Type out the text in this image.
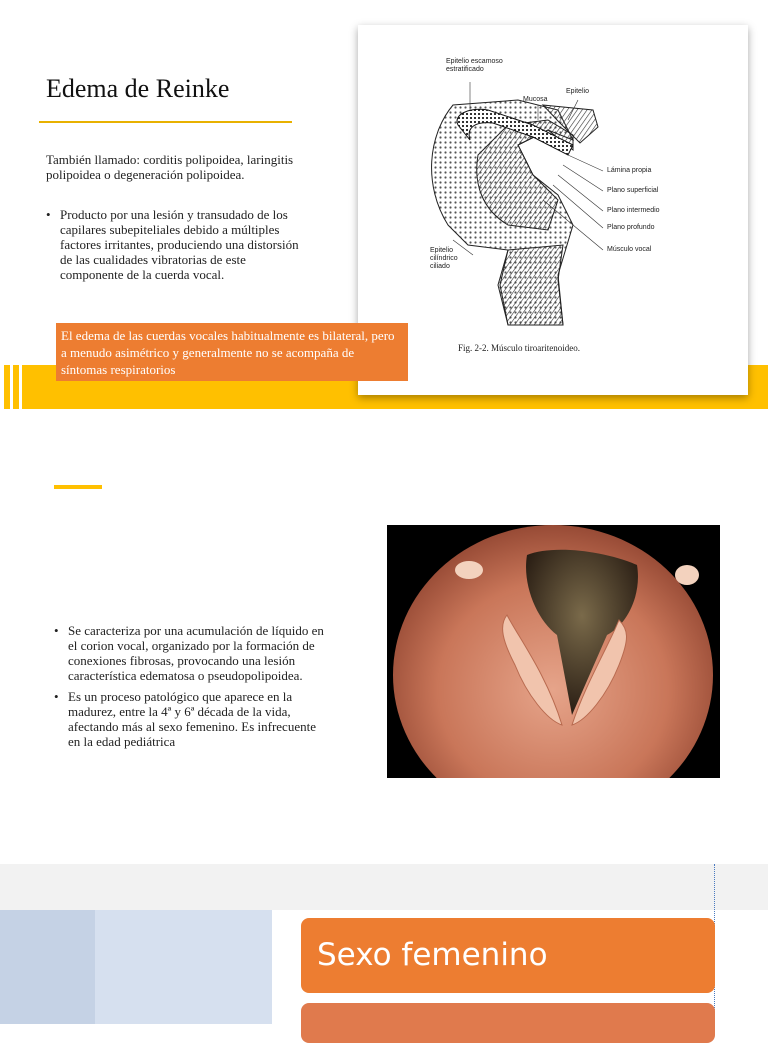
Edema de Reinke
También llamado: corditis polipoidea, laringitis polipoidea o degeneración polipoidea.
• Producto por una lesión y transudado de los capilares subepiteliales debido a múltiples factores irritantes, produciendo una distorsión de las cualidades vibratorias de este componente de la cuerda vocal.
Epitelio escamoso estratificado
Mucosa
Epitelio
Lámina propia
Plano superficial
Plano intermedio
Plano profundo
Músculo vocal
Epitelio cilíndrico ciliado
Fig. 2-2. Músculo tiroaritenoideo.
El edema de las cuerdas vocales habitualmente es bilateral, pero a menudo asimétrico y generalmente no se acompaña de síntomas respiratorios
• Se caracteriza por una acumulación de líquido en el corion vocal, organizado por la formación de conexiones fibrosas, provocando una lesión característica edematosa o pseudopolipoidea.
• Es un proceso patológico que aparece en la madurez, entre la 4ª y 6ª década de la vida, afectando más al sexo femenino. Es infrecuente en la edad pediátrica
Sexo femenino
